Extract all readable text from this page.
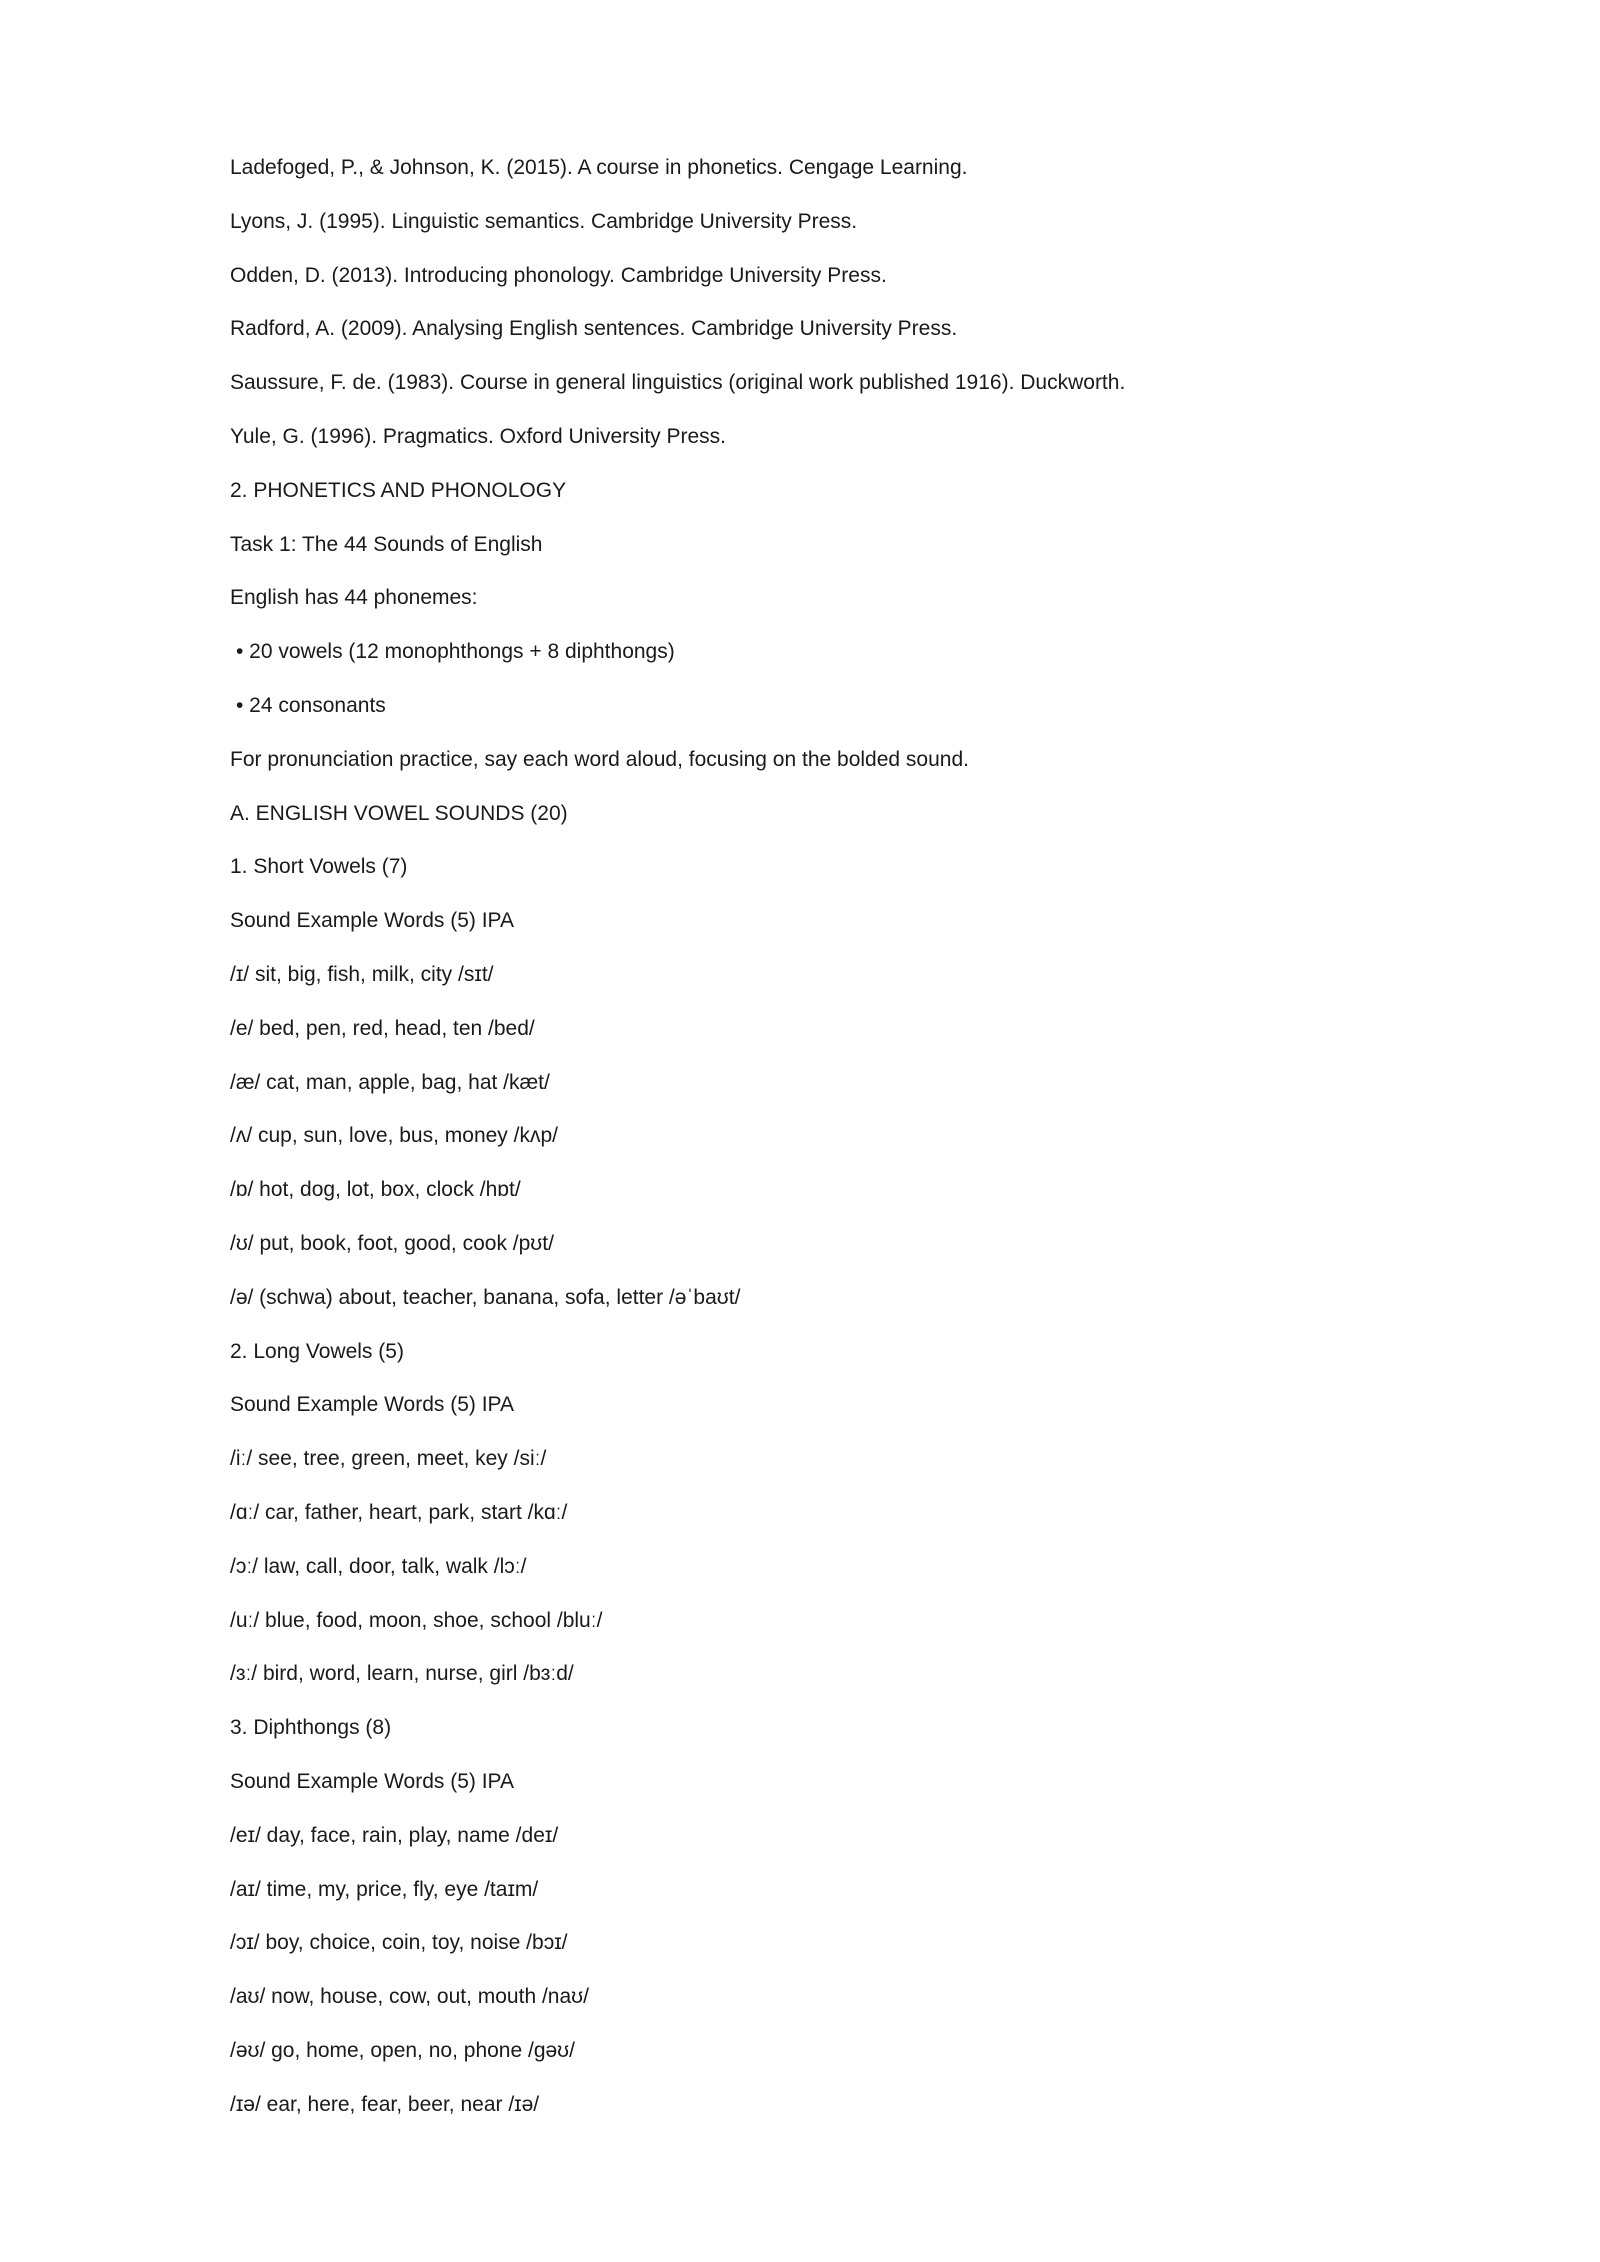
Ladefoged, P., & Johnson, K. (2015). A course in phonetics. Cengage Learning.
Lyons, J. (1995). Linguistic semantics. Cambridge University Press.
Odden, D. (2013). Introducing phonology. Cambridge University Press.
Radford, A. (2009). Analysing English sentences. Cambridge University Press.
Saussure, F. de. (1983). Course in general linguistics (original work published 1916). Duckworth.
Yule, G. (1996). Pragmatics. Oxford University Press.
2. PHONETICS AND PHONOLOGY
Task 1: The 44 Sounds of English
English has 44 phonemes:
• 20 vowels (12 monophthongs + 8 diphthongs)
• 24 consonants
For pronunciation practice, say each word aloud, focusing on the bolded sound.
A. ENGLISH VOWEL SOUNDS (20)
1. Short Vowels (7)
Sound Example Words (5) IPA
/ɪ/ sit, big, fish, milk, city /sɪt/
/e/ bed, pen, red, head, ten /bed/
/æ/ cat, man, apple, bag, hat /kæt/
/ʌ/ cup, sun, love, bus, money /kʌp/
/ɒ/ hot, dog, lot, box, clock /hɒt/
/ʊ/ put, book, foot, good, cook /pʊt/
/ə/ (schwa) about, teacher, banana, sofa, letter /əˈbaʊt/
2. Long Vowels (5)
Sound Example Words (5) IPA
/iː/ see, tree, green, meet, key /siː/
/ɑː/ car, father, heart, park, start /kɑː/
/ɔː/ law, call, door, talk, walk /lɔː/
/uː/ blue, food, moon, shoe, school /bluː/
/ɜː/ bird, word, learn, nurse, girl /bɜːd/
3. Diphthongs (8)
Sound Example Words (5) IPA
/eɪ/ day, face, rain, play, name /deɪ/
/aɪ/ time, my, price, fly, eye /taɪm/
/ɔɪ/ boy, choice, coin, toy, noise /bɔɪ/
/aʊ/ now, house, cow, out, mouth /naʊ/
/əʊ/ go, home, open, no, phone /gəʊ/
/ɪə/ ear, here, fear, beer, near /ɪə/
